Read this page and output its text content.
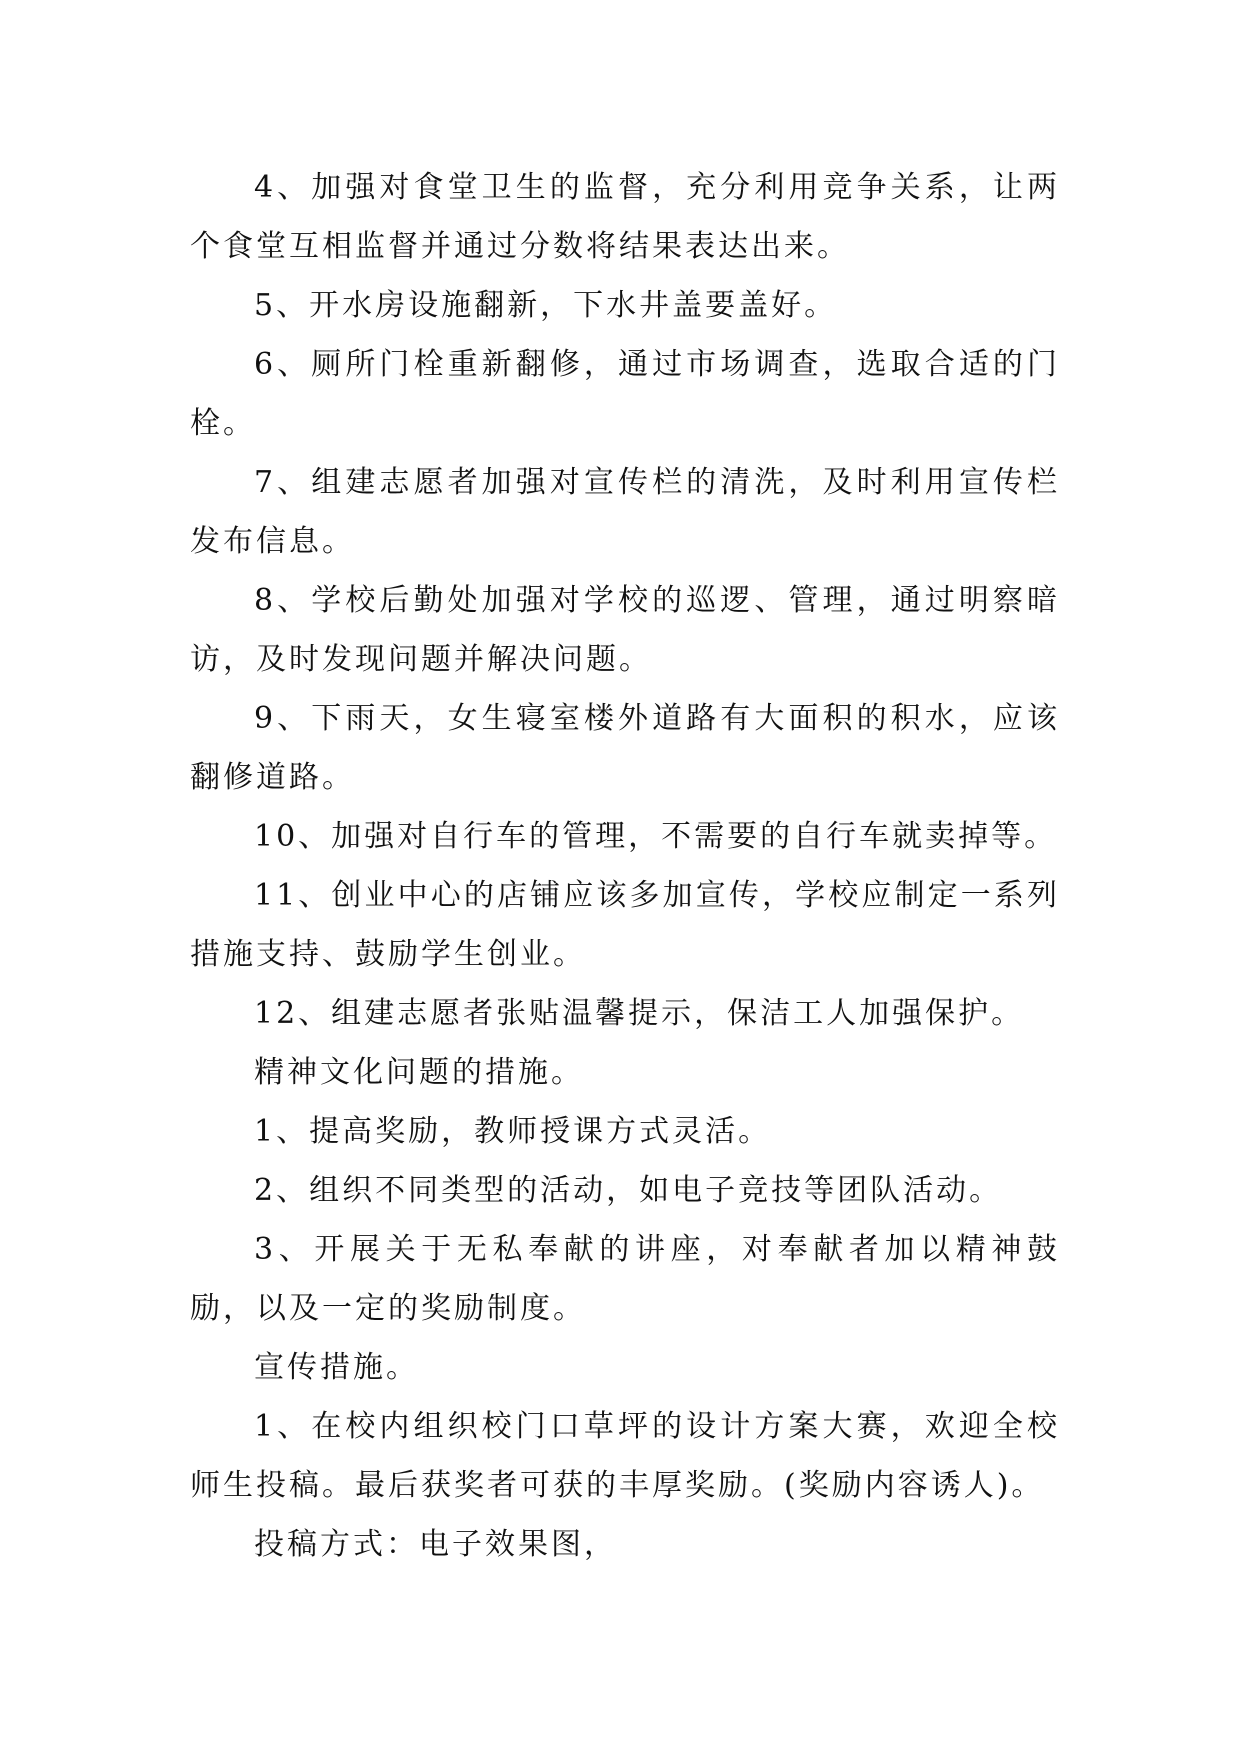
4、加强对食堂卫生的监督，充分利用竞争关系，让两个食堂互相监督并通过分数将结果表达出来。

5、开水房设施翻新，下水井盖要盖好。

6、厕所门栓重新翻修，通过市场调查，选取合适的门栓。

7、组建志愿者加强对宣传栏的清洗，及时利用宣传栏发布信息。

8、学校后勤处加强对学校的巡逻、管理，通过明察暗访，及时发现问题并解决问题。

9、下雨天，女生寝室楼外道路有大面积的积水，应该翻修道路。

10、加强对自行车的管理，不需要的自行车就卖掉等。

11、创业中心的店铺应该多加宣传，学校应制定一系列措施支持、鼓励学生创业。

12、组建志愿者张贴温馨提示，保洁工人加强保护。

精神文化问题的措施。

1、提高奖励，教师授课方式灵活。

2、组织不同类型的活动，如电子竞技等团队活动。

3、开展关于无私奉献的讲座，对奉献者加以精神鼓励，以及一定的奖励制度。

宣传措施。

1、在校内组织校门口草坪的设计方案大赛，欢迎全校师生投稿。最后获奖者可获的丰厚奖励。(奖励内容诱人)。

投稿方式：电子效果图，
